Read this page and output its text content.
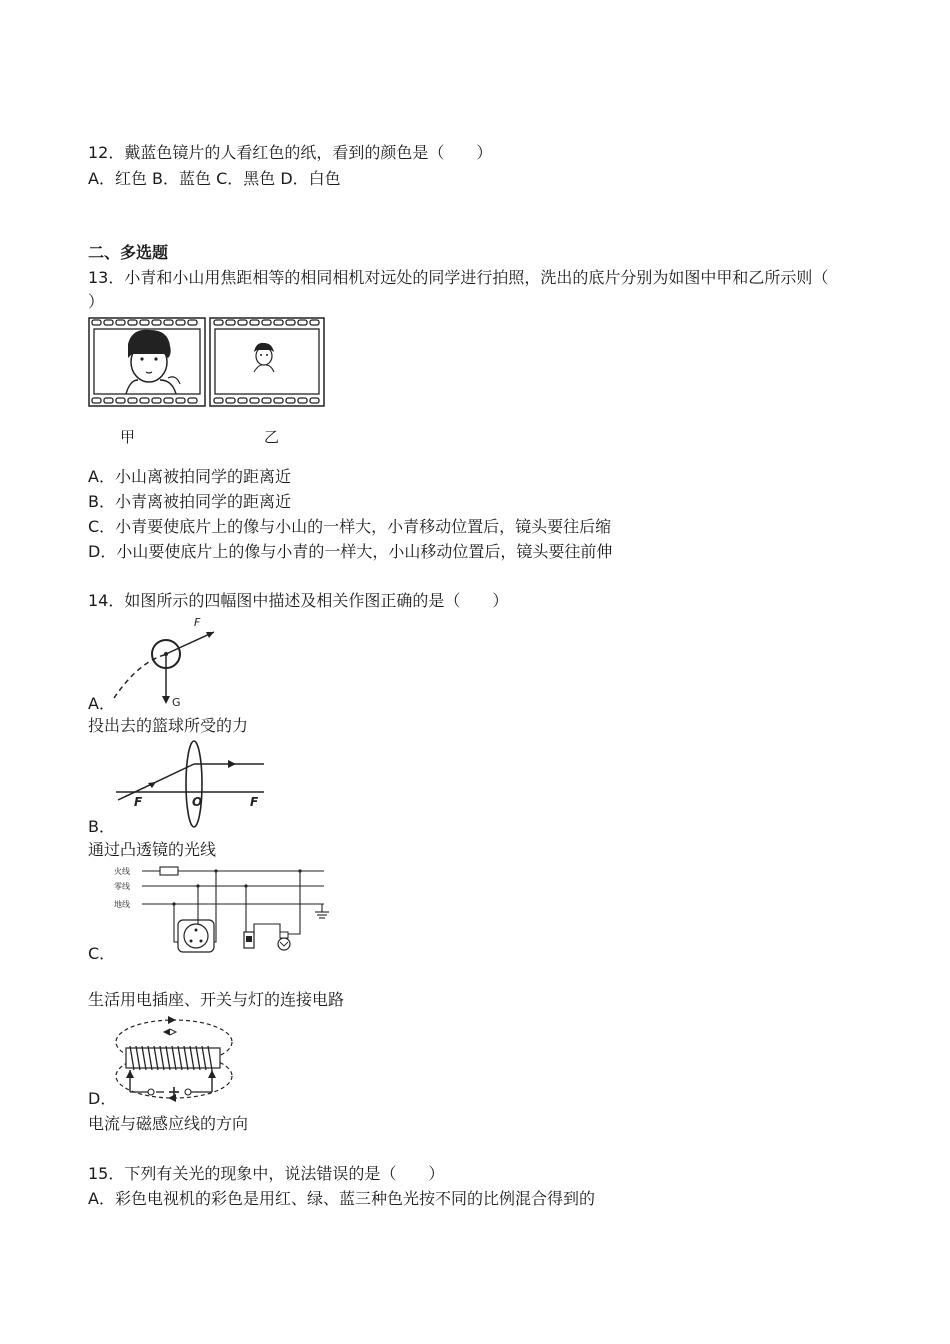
12．戴蓝色镜片的人看红色的纸，看到的颜色是（　　）
A．红色 B．蓝色 C．黑色 D．白色
二、多选题
13．小青和小山用焦距相等的相同相机对远处的同学进行拍照，洗出的底片分别为如图中甲和乙所示则（
）
甲	乙
A．小山离被拍同学的距离近
B．小青离被拍同学的距离近
C．小青要使底片上的像与小山的一样大，小青移动位置后，镜头要往后缩
D．小山要使底片上的像与小青的一样大，小山移动位置后，镜头要往前伸
14．如图所示的四幅图中描述及相关作图正确的是（　　）
F
G
A．
投出去的篮球所受的力
F	O	F
B．
通过凸透镜的光线
火线
零线
地线
C．
生活用电插座、开关与灯的连接电路
D．
电流与磁感应线的方向
15．下列有关光的现象中，说法错误的是（　　）
A．彩色电视机的彩色是用红、绿、蓝三种色光按不同的比例混合得到的
